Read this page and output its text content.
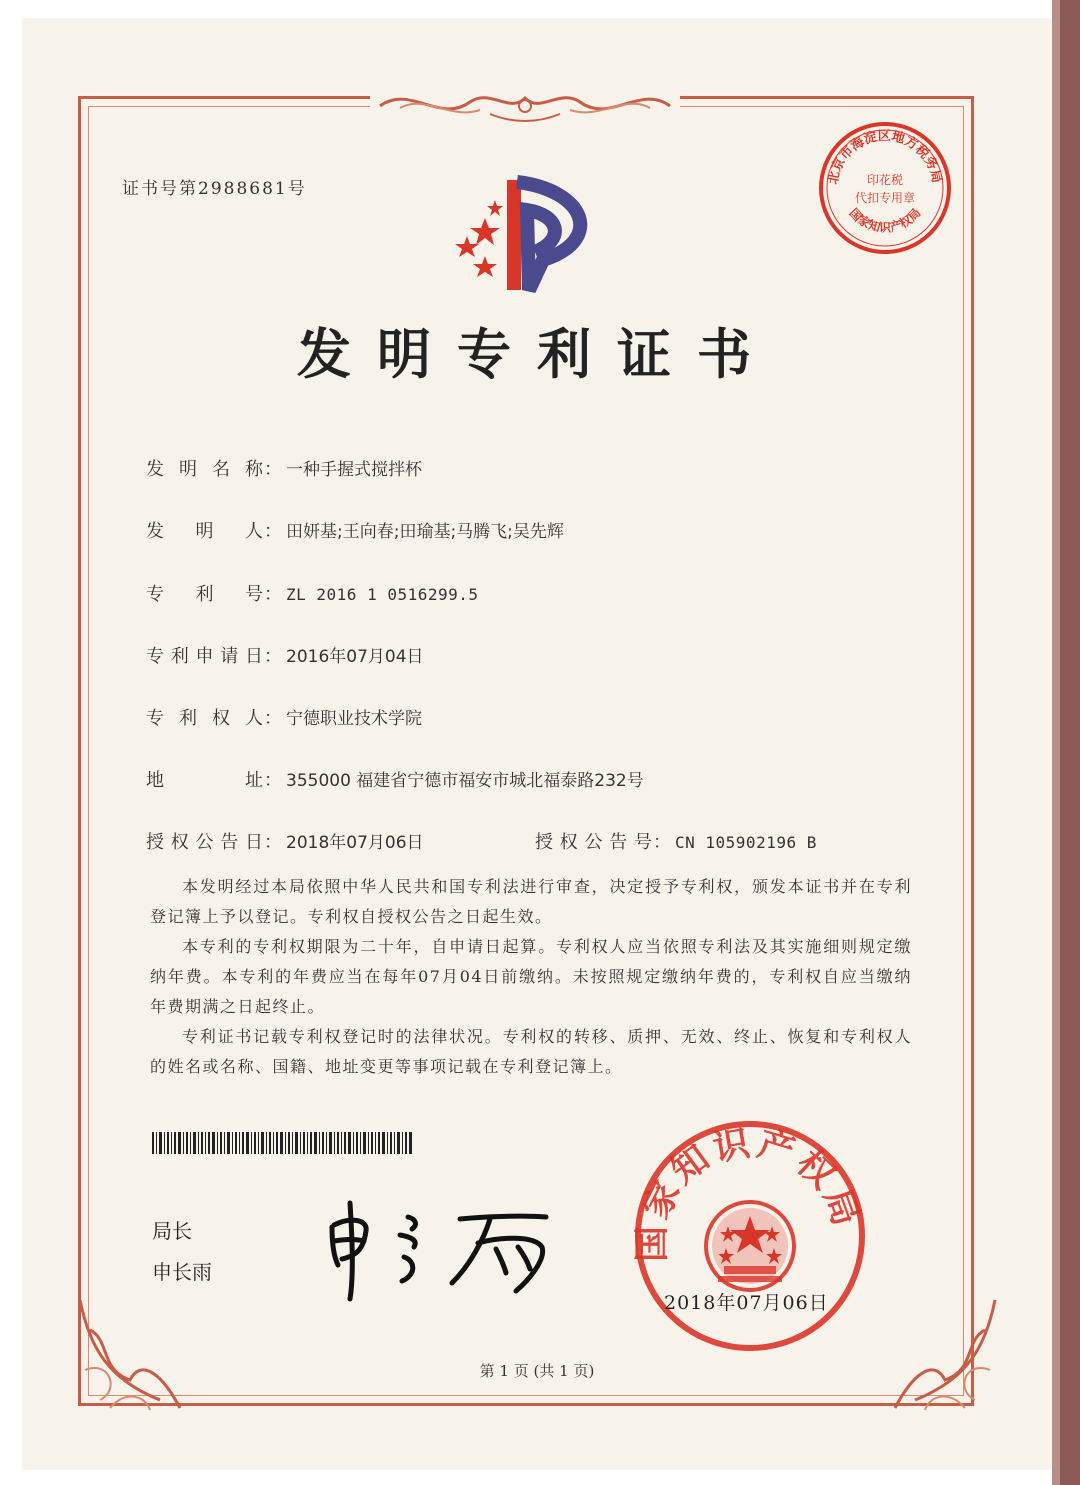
证书号第2988681号
北京市海淀区地方税务局
印花税
代扣专用章
国家知识产权局
发明专利证书
发明名称： 一种手握式搅拌杯
发明人： 田妍基;王向春;田瑜基;马腾飞;吴先辉
专利号： ZL 2016 1 0516299.5
专利申请日： 2016年07月04日
专利权人： 宁德职业技术学院
地址： 355000 福建省宁德市福安市城北福泰路232号
授权公告日： 2018年07月06日	授权公告号： CN 105902196 B
本发明经过本局依照中华人民共和国专利法进行审查，决定授予专利权，颁发本证书并在专利登记簿上予以登记。专利权自授权公告之日起生效。
本专利的专利权期限为二十年，自申请日起算。专利权人应当依照专利法及其实施细则规定缴纳年费。本专利的年费应当在每年07月04日前缴纳。未按照规定缴纳年费的，专利权自应当缴纳年费期满之日起终止。
专利证书记载专利权登记时的法律状况。专利权的转移、质押、无效、终止、恢复和专利权人的姓名或名称、国籍、地址变更等事项记载在专利登记簿上。
局长
申长雨
国家知识产权局
2018年07月06日
第 1 页 (共 1 页)
